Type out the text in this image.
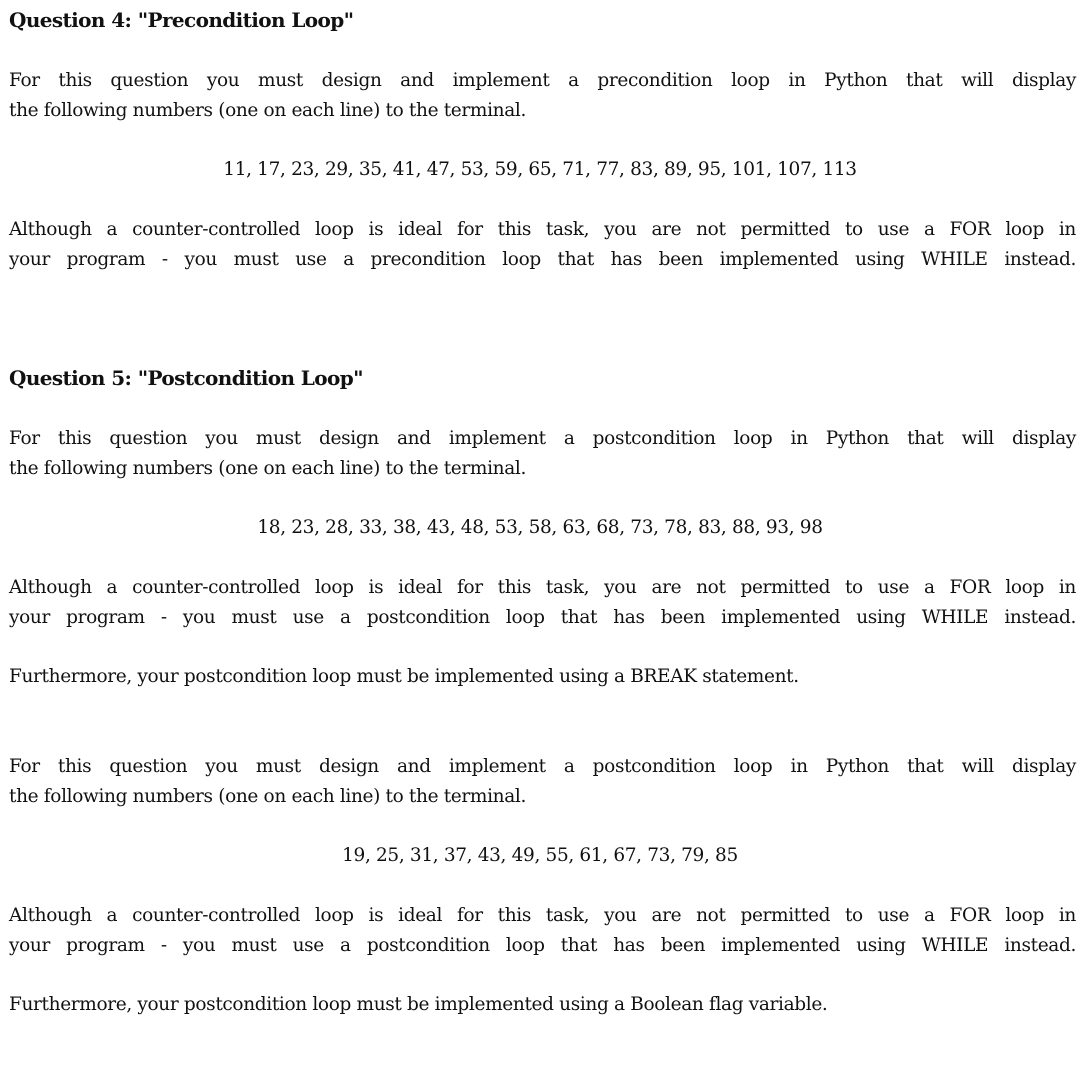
Question 4: "Precondition Loop"
For this question you must design and implement a precondition loop in Python that will display
the following numbers (one on each line) to the terminal.
11, 17, 23, 29, 35, 41, 47, 53, 59, 65, 71, 77, 83, 89, 95, 101, 107, 113
Although a counter-controlled loop is ideal for this task, you are not permitted to use a FOR loop in
your program - you must use a precondition loop that has been implemented using WHILE instead.
Question 5: "Postcondition Loop"
For this question you must design and implement a postcondition loop in Python that will display
the following numbers (one on each line) to the terminal.
18, 23, 28, 33, 38, 43, 48, 53, 58, 63, 68, 73, 78, 83, 88, 93, 98
Although a counter-controlled loop is ideal for this task, you are not permitted to use a FOR loop in
your program - you must use a postcondition loop that has been implemented using WHILE instead.
Furthermore, your postcondition loop must be implemented using a BREAK statement.
For this question you must design and implement a postcondition loop in Python that will display
the following numbers (one on each line) to the terminal.
19, 25, 31, 37, 43, 49, 55, 61, 67, 73, 79, 85
Although a counter-controlled loop is ideal for this task, you are not permitted to use a FOR loop in
your program - you must use a postcondition loop that has been implemented using WHILE instead.
Furthermore, your postcondition loop must be implemented using a Boolean flag variable.
